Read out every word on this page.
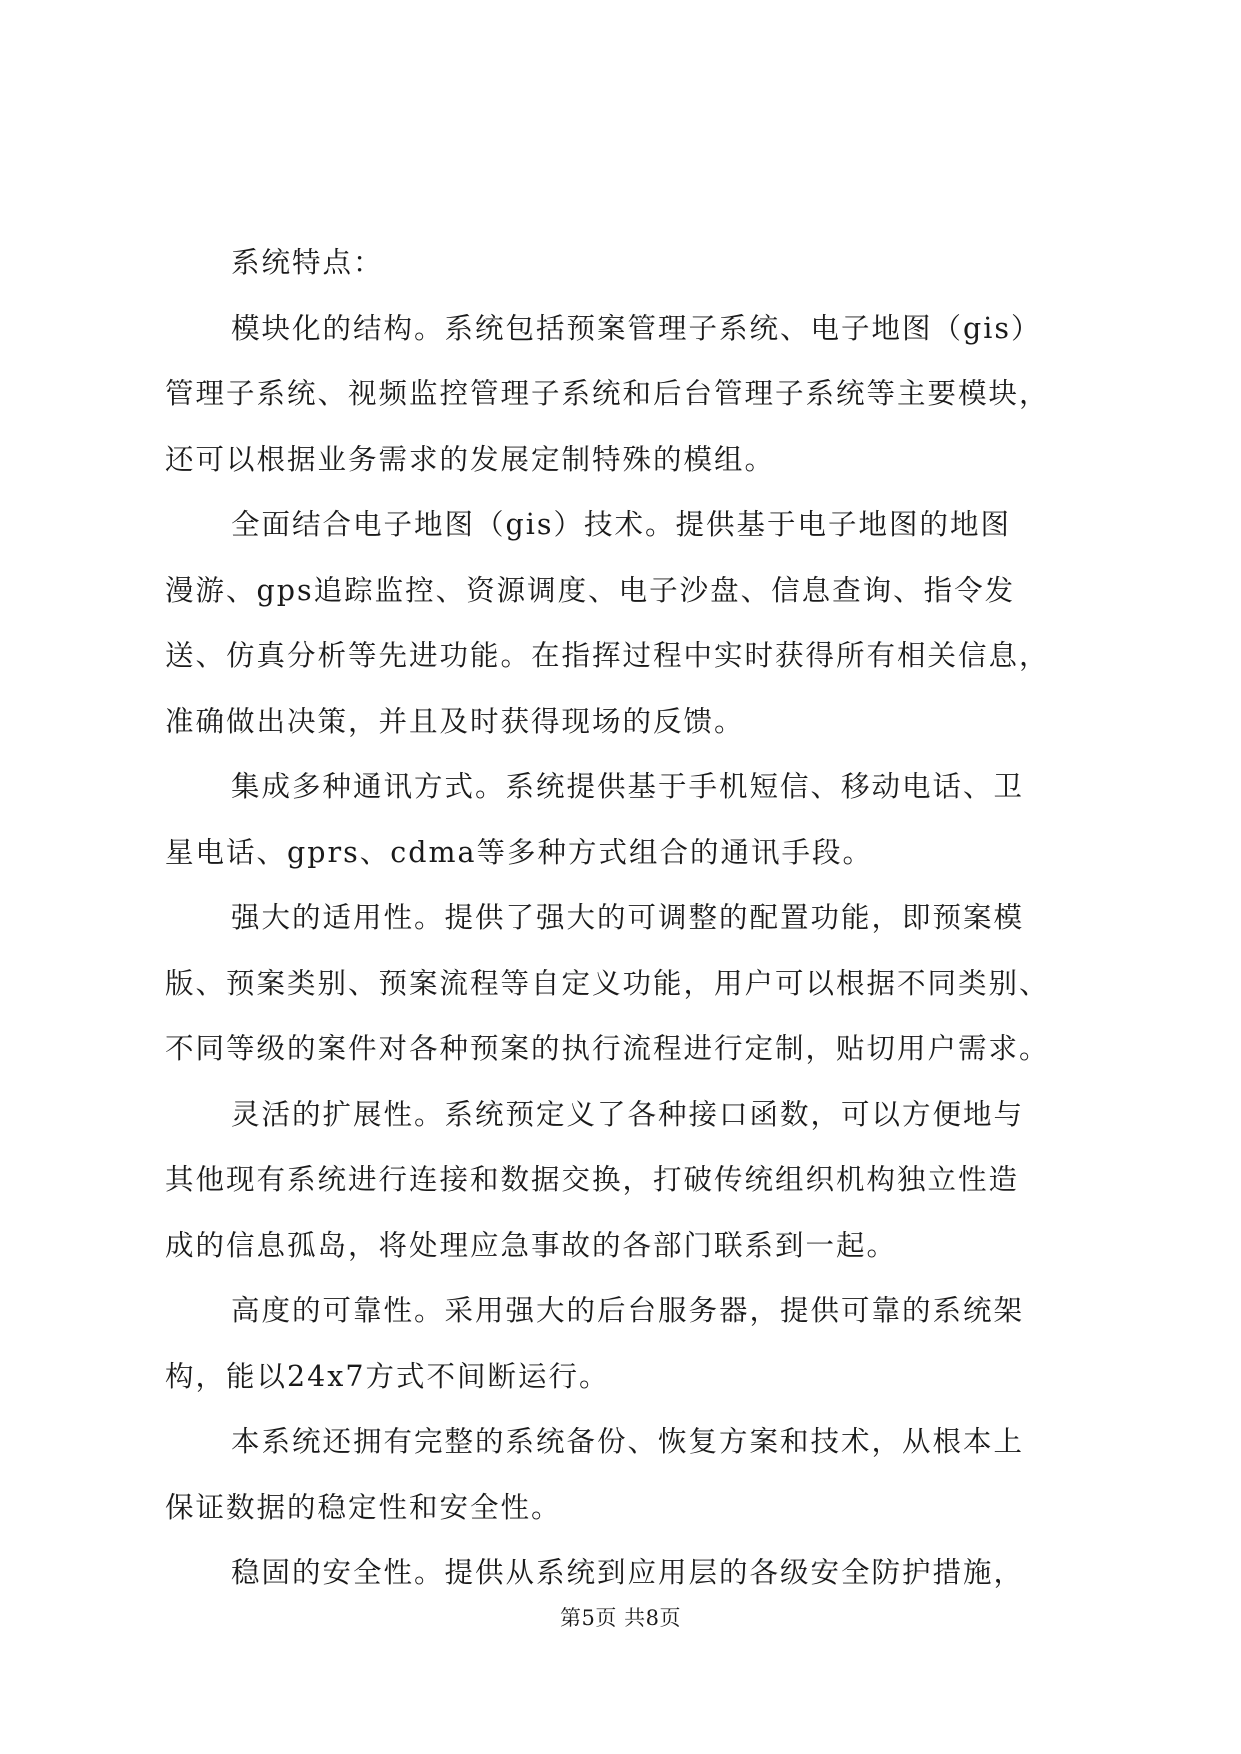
系统特点：
模块化的结构。系统包括预案管理子系统、电子地图（gis）
管理子系统、视频监控管理子系统和后台管理子系统等主要模块，
还可以根据业务需求的发展定制特殊的模组。
全面结合电子地图（gis）技术。提供基于电子地图的地图
漫游、gps追踪监控、资源调度、电子沙盘、信息查询、指令发
送、仿真分析等先进功能。在指挥过程中实时获得所有相关信息，
准确做出决策，并且及时获得现场的反馈。
集成多种通讯方式。系统提供基于手机短信、移动电话、卫
星电话、gprs、cdma等多种方式组合的通讯手段。
强大的适用性。提供了强大的可调整的配置功能，即预案模
版、预案类别、预案流程等自定义功能，用户可以根据不同类别、
不同等级的案件对各种预案的执行流程进行定制，贴切用户需求。
灵活的扩展性。系统预定义了各种接口函数，可以方便地与
其他现有系统进行连接和数据交换，打破传统组织机构独立性造
成的信息孤岛，将处理应急事故的各部门联系到一起。
高度的可靠性。采用强大的后台服务器，提供可靠的系统架
构，能以24x7方式不间断运行。
本系统还拥有完整的系统备份、恢复方案和技术，从根本上
保证数据的稳定性和安全性。
稳固的安全性。提供从系统到应用层的各级安全防护措施，
第5页 共8页
